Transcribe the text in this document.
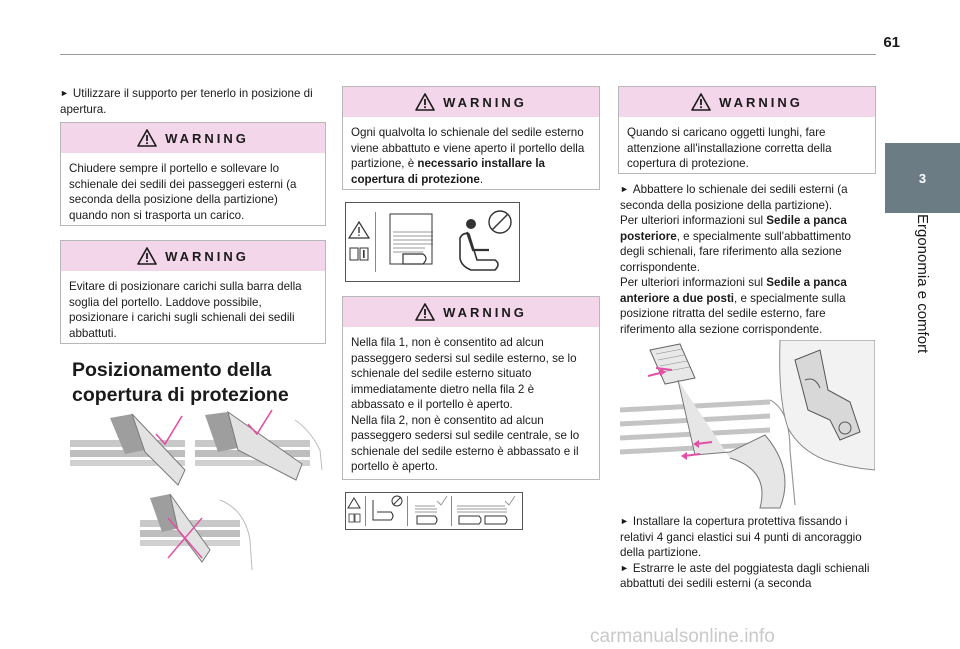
61
3
Ergonomia e comfort

► Utilizzare il supporto per tenerlo in posizione di apertura.

WARNING
Chiudere sempre il portello e sollevare lo schienale dei sedili dei passeggeri esterni (a seconda della posizione della partizione) quando non si trasporta un carico.
WARNING
Evitare di posizionare carichi sulla barra della soglia del portello. Laddove possibile, posizionare i carichi sugli schienali dei sedili abbattuti.
Posizionamento della copertura di protezione
WARNING
Ogni qualvolta lo schienale del sedile esterno viene abbattuto e viene aperto il portello della partizione, è necessario installare la copertura di protezione.
WARNING

Nella fila 1, non è consentito ad alcun passeggero sedersi sul sedile esterno, se lo schienale del sedile esterno situato immediatamente dietro nella fila 2 è abbassato e il portello è aperto.

Nella fila 2, non è consentito ad alcun passeggero sedersi sul sedile centrale, se lo schienale del sedile esterno è abbassato e il portello è aperto.

WARNING
Quando si caricano oggetti lunghi, fare attenzione all'installazione corretta della copertura di protezione.

► Abbattere lo schienale dei sedili esterni (a seconda della posizione della partizione).

Per ulteriori informazioni sul Sedile a panca posteriore, e specialmente sull'abbattimento degli schienali, fare riferimento alla sezione corrispondente.

Per ulteriori informazioni sul Sedile a panca anteriore a due posti, e specialmente sulla posizione ritratta del sedile esterno, fare riferimento alla sezione corrispondente.

► Installare la copertura protettiva fissando i relativi 4 ganci elastici sui 4 punti di ancoraggio della partizione.

► Estrarre le aste del poggiatesta dagli schienali abbattuti dei sedili esterni (a seconda

carmanualsonline.info
